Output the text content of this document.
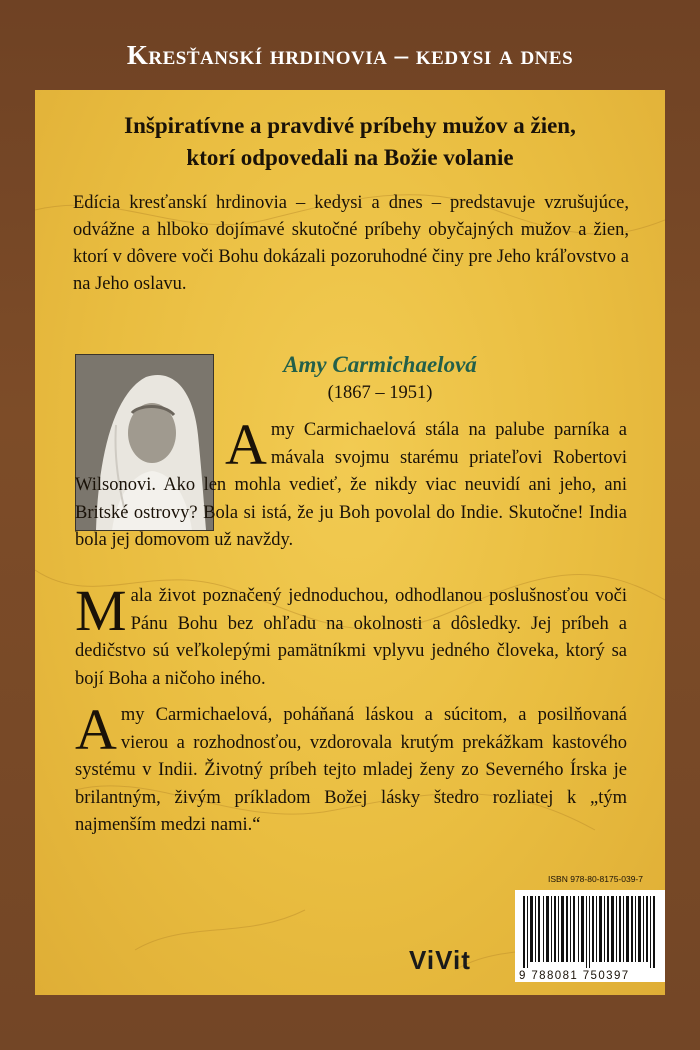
Kresťanskí hrdinovia – kedysi a dnes
Inšpiratívne a pravdivé príbehy mužov a žien,
ktorí odpovedali na Božie volanie
Edícia kresťanskí hrdinovia – kedysi a dnes – predstavuje vzrušujúce, odvážne a hlboko dojímavé skutočné príbehy obyčajných mužov a žien, ktorí v dôvere voči Bohu dokázali pozoruhodné činy pre Jeho kráľovstvo a na Jeho oslavu.
Amy Carmichaelová
(1867 – 1951)

Amy Carmichaelová stála na palube parníka a mávala svojmu starému priateľovi Robertovi Wilsonovi. Ako len mohla vedieť, že nikdy viac neuvidí ani jeho, ani Britské ostrovy? Bola si istá, že ju Boh povolal do Indie. Skutočne! India bola jej domovom už navždy.

Mala život poznačený jednoduchou, odhodlanou poslušnosťou voči Pánu Bohu bez ohľadu na okolnosti a dôsledky. Jej príbeh a dedičstvo sú veľkolepými pamätníkmi vplyvu jedného človeka, ktorý sa bojí Boha a ničoho iného.

Amy Carmichaelová, poháňaná láskou a súcitom, a posilňovaná vierou a rozhodnosťou, vzdorovala krutým prekážkam kastového systému v Indii. Životný príbeh tejto mladej ženy zo Severného Írska je brilantným, živým príkladom Božej lásky štedro rozliatej k „tým najmenším medzi nami.“

ISBN 978-80-8175-039-7
9 788081 750397
ViVit
